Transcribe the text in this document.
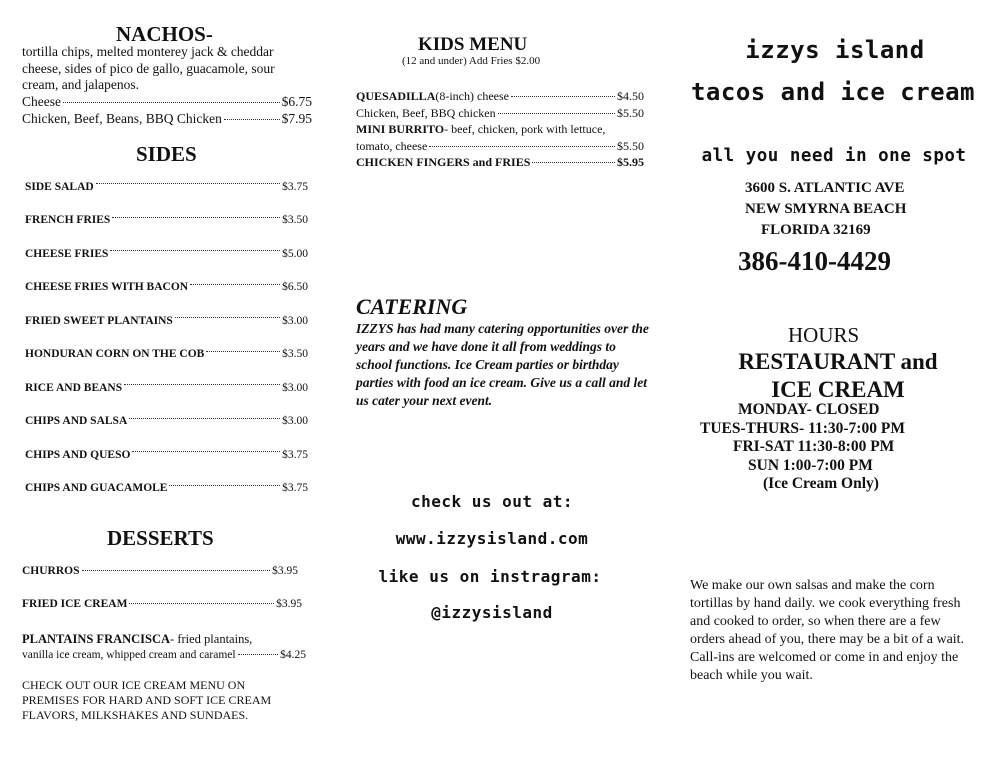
NACHOS-
tortilla chips, melted monterey jack & cheddar cheese, sides of pico de gallo, guacamole, sour cream, and jalapenos.
Cheese	$6.75
Chicken, Beef, Beans, BBQ Chicken	$7.95
SIDES
SIDE SALAD	$3.75
FRENCH FRIES	$3.50
CHEESE FRIES	$5.00
CHEESE FRIES WITH BACON	$6.50
FRIED SWEET PLANTAINS	$3.00
HONDURAN CORN ON THE COB	$3.50
RICE AND BEANS	$3.00
CHIPS AND SALSA	$3.00
CHIPS AND QUESO	$3.75
CHIPS AND GUACAMOLE	$3.75
DESSERTS
CHURROS	$3.95
FRIED ICE CREAM	$3.95
PLANTAINS FRANCISCA- fried plantains,
vanilla ice cream, whipped cream and caramel	$4.25
CHECK OUT OUR ICE CREAM MENU ON PREMISES FOR HARD AND SOFT ICE CREAM FLAVORS, MILKSHAKES AND SUNDAES.
KIDS MENU
(12 and under) Add Fries $2.00
QUESADILLA (8-inch) cheese	$4.50
Chicken, Beef, BBQ chicken	$5.50
MINI BURRITO- beef, chicken, pork with lettuce,
tomato, cheese	$5.50
CHICKEN FINGERS and FRIES	$5.95
CATERING
IZZYS has had many catering opportunities over the years and we have done it all from weddings to school functions. Ice Cream parties or birthday parties with food an ice cream. Give us a call and let us cater your next event.
check us out at:
www.izzysisland.com
like us on instragram:
@izzysisland
izzys island
tacos and ice cream
all you need in one spot
3600 S. ATLANTIC AVE
NEW SMYRNA BEACH
FLORIDA 32169
386-410-4429
HOURS
RESTAURANT and
ICE CREAM
MONDAY- CLOSED
TUES-THURS- 11:30-7:00 PM
FRI-SAT 11:30-8:00 PM
SUN 1:00-7:00 PM
(Ice Cream Only)
We make our own salsas and make the corn tortillas by hand daily. we cook everything fresh and cooked to order, so when there are a few orders ahead of you, there may be a bit of a wait. Call-ins are welcomed or come in and enjoy the beach while you wait.
